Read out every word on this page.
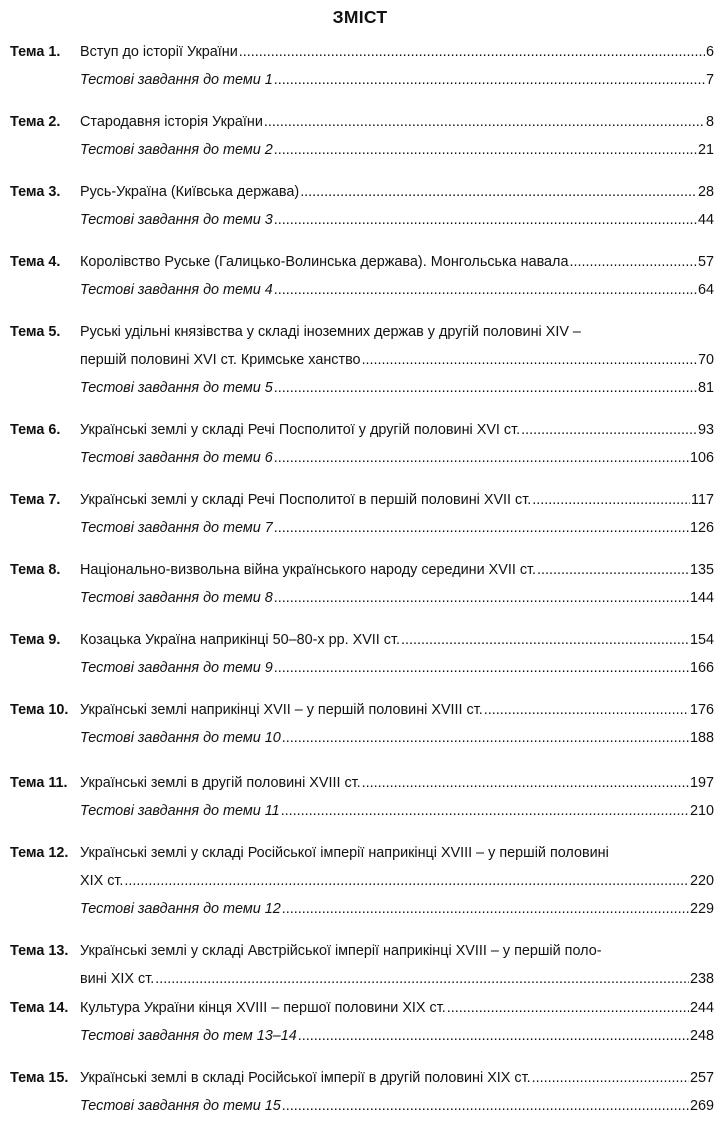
ЗМІСТ
Тема 1.	Вступ до історії України .....	6
Тестові завдання до теми 1 .....	7
Тема 2.	Стародавня історія України .....	8
Тестові завдання до теми 2 .....	21
Тема 3.	Русь-Україна (Київська держава) .....	28
Тестові завдання до теми 3 .....	44
Тема 4.	Королівство Руське (Галицько-Волинська держава). Монгольська навала .....	57
Тестові завдання до теми 4 .....	64
Тема 5.	Руські удільні князівства у складі іноземних держав у другій половині XIV –
першій половині XVI ст. Кримське ханство .....	70
Тестові завдання до теми 5 .....	81
Тема 6.	Українські землі у складі Речі Посполитої у другій половині XVI ст. .....	93
Тестові завдання до теми 6 .....	106
Тема 7.	Українські землі у складі Речі Посполитої в першій половині XVII ст. .....	117
Тестові завдання до теми 7 .....	126
Тема 8.	Національно-визвольна війна українського народу середини XVII ст. .....	135
Тестові завдання до теми 8 .....	144
Тема 9.	Козацька Україна наприкінці 50–80-х рр. XVII ст. .....	154
Тестові завдання до теми 9 .....	166
Тема 10. Українські землі наприкінці XVII – у першій половині XVIII ст. .....	176
Тестові завдання до теми 10 .....	188
Тема 11. Українські землі в другій половині XVIII ст. .....	197
Тестові завдання до теми 11 .....	210
Тема 12. Українські землі у складі Російської імперії наприкінці XVIII – у першій половині
XIX ст. .....	220
Тестові завдання до теми 12 .....	229
Тема 13. Українські землі у складі Австрійської імперії наприкінці XVIII – у першій поло-
вині XIX ст. .....	238
Тема 14. Культура України кінця XVIII – першої половини XIX ст. .....	244
Тестові завдання до тем 13–14 .....	248
Тема 15. Українські землі в складі Російської імперії в другій половині XIX ст. .....	257
Тестові завдання до теми 15 .....	269
